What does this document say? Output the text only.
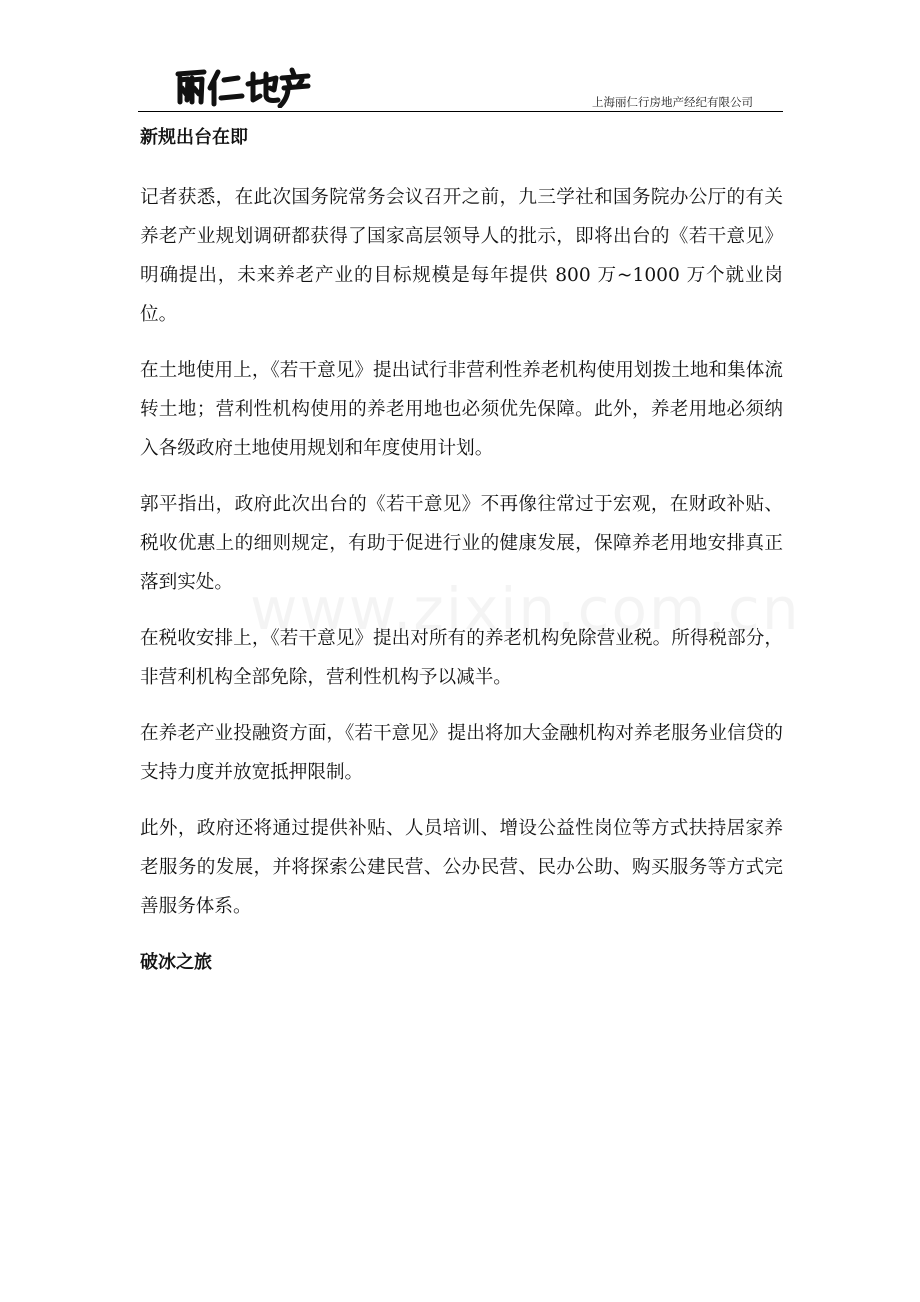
上海丽仁行房地产经纪有限公司
新规出台在即

记者获悉，在此次国务院常务会议召开之前，九三学社和国务院办公厅的有关养老产业规划调研都获得了国家高层领导人的批示，即将出台的《若干意见》明确提出，未来养老产业的目标规模是每年提供 800 万~1000 万个就业岗位。

在土地使用上，《若干意见》提出试行非营利性养老机构使用划拨土地和集体流转土地；营利性机构使用的养老用地也必须优先保障。此外，养老用地必须纳入各级政府土地使用规划和年度使用计划。

郭平指出，政府此次出台的《若干意见》不再像往常过于宏观，在财政补贴、税收优惠上的细则规定，有助于促进行业的健康发展，保障养老用地安排真正落到实处。

在税收安排上，《若干意见》提出对所有的养老机构免除营业税。所得税部分，非营利机构全部免除，营利性机构予以减半。

在养老产业投融资方面，《若干意见》提出将加大金融机构对养老服务业信贷的支持力度并放宽抵押限制。

此外，政府还将通过提供补贴、人员培训、增设公益性岗位等方式扶持居家养老服务的发展，并将探索公建民营、公办民营、民办公助、购买服务等方式完善服务体系。

破冰之旅
